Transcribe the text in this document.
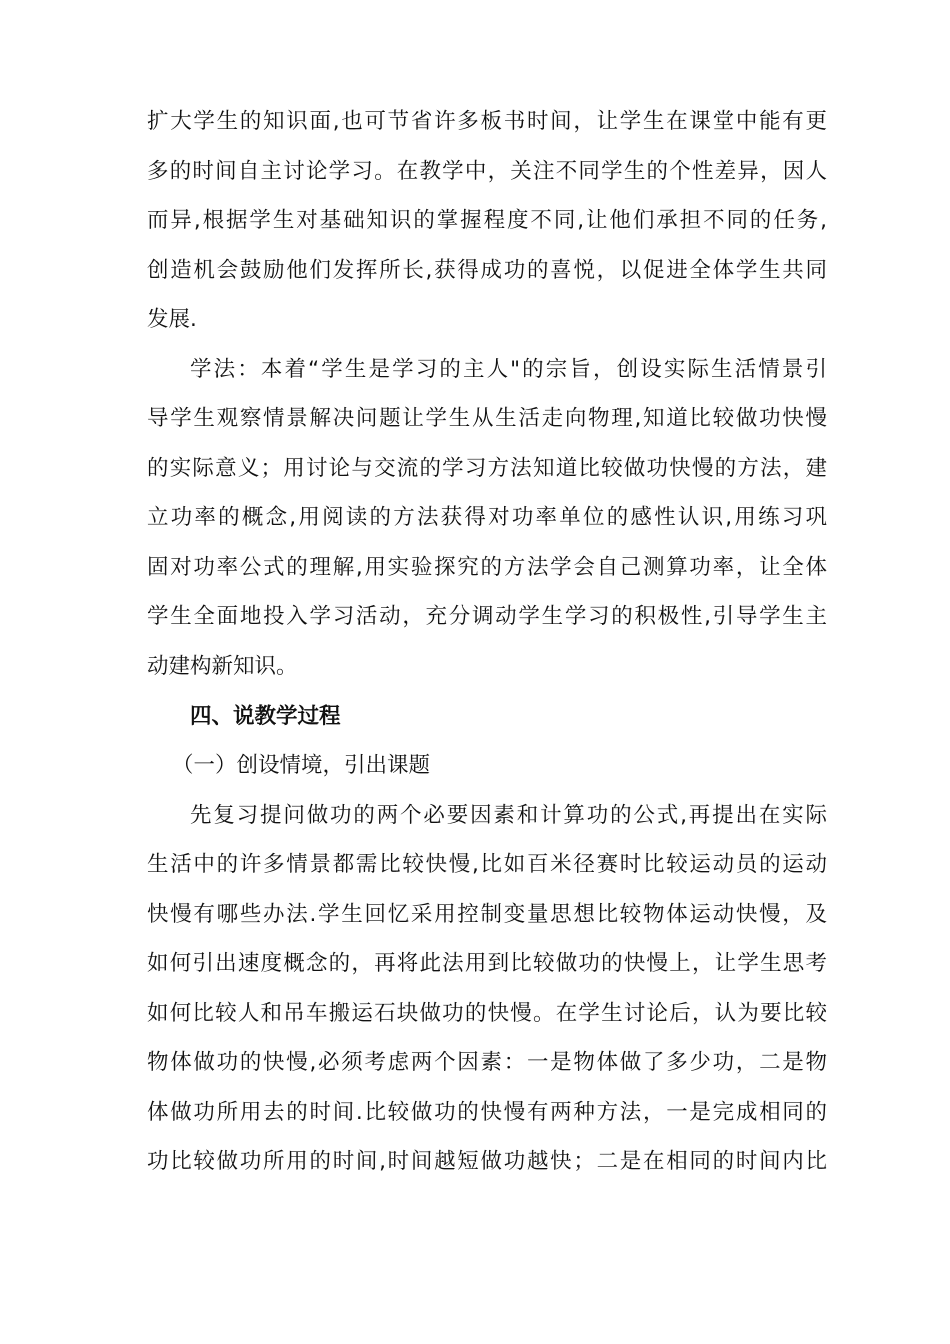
扩大学生的知识面,也可节省许多板书时间，让学生在课堂中能有更
多的时间自主讨论学习。在教学中，关注不同学生的个性差异，因人
而异,根据学生对基础知识的掌握程度不同,让他们承担不同的任务,
创造机会鼓励他们发挥所长,获得成功的喜悦，以促进全体学生共同
发展.
学法：本着“学生是学习的主人"的宗旨，创设实际生活情景引
导学生观察情景解决问题让学生从生活走向物理,知道比较做功快慢
的实际意义；用讨论与交流的学习方法知道比较做功快慢的方法，建
立功率的概念,用阅读的方法获得对功率单位的感性认识,用练习巩
固对功率公式的理解,用实验探究的方法学会自己测算功率，让全体
学生全面地投入学习活动，充分调动学生学习的积极性,引导学生主
动建构新知识。
四、说教学过程
（一）创设情境，引出课题
先复习提问做功的两个必要因素和计算功的公式,再提出在实际
生活中的许多情景都需比较快慢,比如百米径赛时比较运动员的运动
快慢有哪些办法.学生回忆采用控制变量思想比较物体运动快慢，及
如何引出速度概念的，再将此法用到比较做功的快慢上，让学生思考
如何比较人和吊车搬运石块做功的快慢。在学生讨论后，认为要比较
物体做功的快慢,必须考虑两个因素：一是物体做了多少功，二是物
体做功所用去的时间.比较做功的快慢有两种方法，一是完成相同的
功比较做功所用的时间,时间越短做功越快；二是在相同的时间内比
